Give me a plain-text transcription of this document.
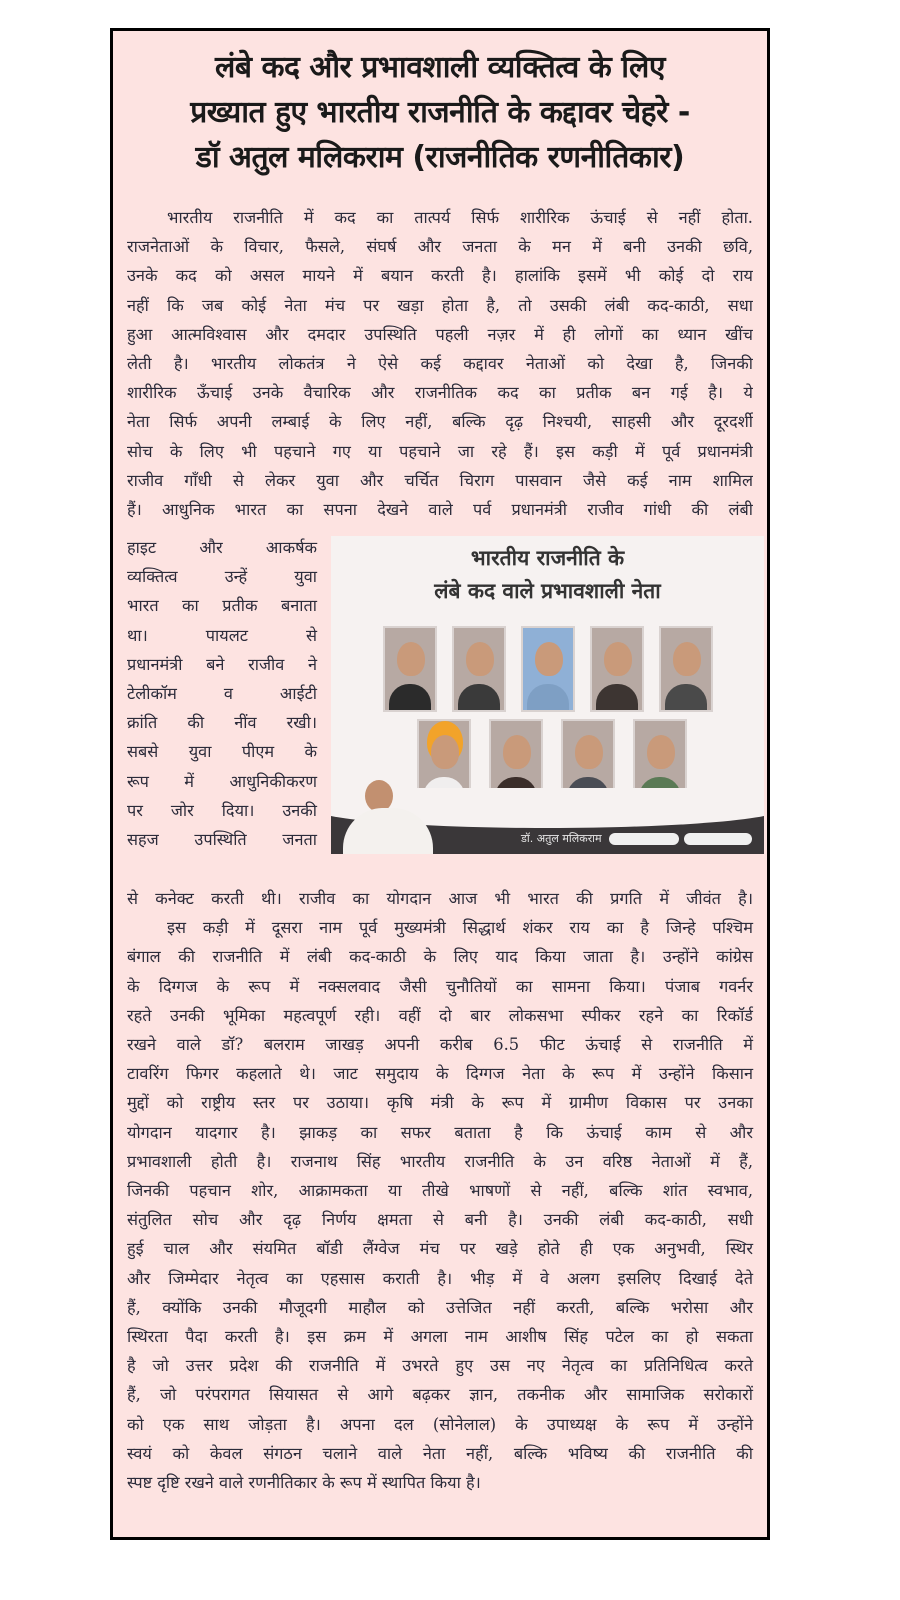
लंबे कद और प्रभावशाली व्यक्तित्व के लिए
प्रख्यात हुए भारतीय राजनीति के कद्दावर चेहरे -
डॉ अतुल मलिकराम (राजनीतिक रणनीतिकार)
भारतीय राजनीति में कद का तात्पर्य सिर्फ शारीरिक ऊंचाई से नहीं होता.
राजनेताओं के विचार, फैसले, संघर्ष और जनता के मन में बनी उनकी छवि,
उनके कद को असल मायने में बयान करती है। हालांकि इसमें भी कोई दो राय
नहीं कि जब कोई नेता मंच पर खड़ा होता है, तो उसकी लंबी कद-काठी, सधा
हुआ आत्मविश्वास और दमदार उपस्थिति पहली नज़र में ही लोगों का ध्यान खींच
लेती है। भारतीय लोकतंत्र ने ऐसे कई कद्दावर नेताओं को देखा है, जिनकी
शारीरिक ऊँचाई उनके वैचारिक और राजनीतिक कद का प्रतीक बन गई है। ये
नेता सिर्फ अपनी लम्बाई के लिए नहीं, बल्कि दृढ़ निश्चयी, साहसी और दूरदर्शी
सोच के लिए भी पहचाने गए या पहचाने जा रहे हैं। इस कड़ी में पूर्व प्रधानमंत्री
राजीव गाँधी से लेकर युवा और चर्चित चिराग पासवान जैसे कई नाम शामिल
हैं। आधुनिक भारत का सपना देखने वाले पर्व प्रधानमंत्री राजीव गांधी की लंबी
हाइट और आकर्षक
व्यक्तित्व उन्हें युवा
भारत का प्रतीक बनाता
था। पायलट से
प्रधानमंत्री बने राजीव ने
टेलीकॉम व आईटी
क्रांति की नींव रखी।
सबसे युवा पीएम के
रूप में आधुनिकीकरण
पर जोर दिया। उनकी
सहज उपस्थिति जनता
भारतीय राजनीति के
लंबे कद वाले प्रभावशाली नेता
डॉ. अतुल मलिकराम
से कनेक्ट करती थी। राजीव का योगदान आज भी भारत की प्रगति में जीवंत है।
इस कड़ी में दूसरा नाम पूर्व मुख्यमंत्री सिद्धार्थ शंकर राय का है जिन्हे पश्चिम
बंगाल की राजनीति में लंबी कद-काठी के लिए याद किया जाता है। उन्होंने कांग्रेस
के दिग्गज के रूप में नक्सलवाद जैसी चुनौतियों का सामना किया। पंजाब गवर्नर
रहते उनकी भूमिका महत्वपूर्ण रही। वहीं दो बार लोकसभा स्पीकर रहने का रिकॉर्ड
रखने वाले डॉ? बलराम जाखड़ अपनी करीब 6.5 फीट ऊंचाई से राजनीति में
टावरिंग फिगर कहलाते थे। जाट समुदाय के दिग्गज नेता के रूप में उन्होंने किसान
मुद्दों को राष्ट्रीय स्तर पर उठाया। कृषि मंत्री के रूप में ग्रामीण विकास पर उनका
योगदान यादगार है। झाकड़ का सफर बताता है कि ऊंचाई काम से और
प्रभावशाली होती है। राजनाथ सिंह भारतीय राजनीति के उन वरिष्ठ नेताओं में हैं,
जिनकी पहचान शोर, आक्रामकता या तीखे भाषणों से नहीं, बल्कि शांत स्वभाव,
संतुलित सोच और दृढ़ निर्णय क्षमता से बनी है। उनकी लंबी कद-काठी, सधी
हुई चाल और संयमित बॉडी लैंग्वेज मंच पर खड़े होते ही एक अनुभवी, स्थिर
और जिम्मेदार नेतृत्व का एहसास कराती है। भीड़ में वे अलग इसलिए दिखाई देते
हैं, क्योंकि उनकी मौजूदगी माहौल को उत्तेजित नहीं करती, बल्कि भरोसा और
स्थिरता पैदा करती है। इस क्रम में अगला नाम आशीष सिंह पटेल का हो सकता
है जो उत्तर प्रदेश की राजनीति में उभरते हुए उस नए नेतृत्व का प्रतिनिधित्व करते
हैं, जो परंपरागत सियासत से आगे बढ़कर ज्ञान, तकनीक और सामाजिक सरोकारों
को एक साथ जोड़ता है। अपना दल (सोनेलाल) के उपाध्यक्ष के रूप में उन्होंने
स्वयं को केवल संगठन चलाने वाले नेता नहीं, बल्कि भविष्य की राजनीति की
स्पष्ट दृष्टि रखने वाले रणनीतिकार के रूप में स्थापित किया है।
